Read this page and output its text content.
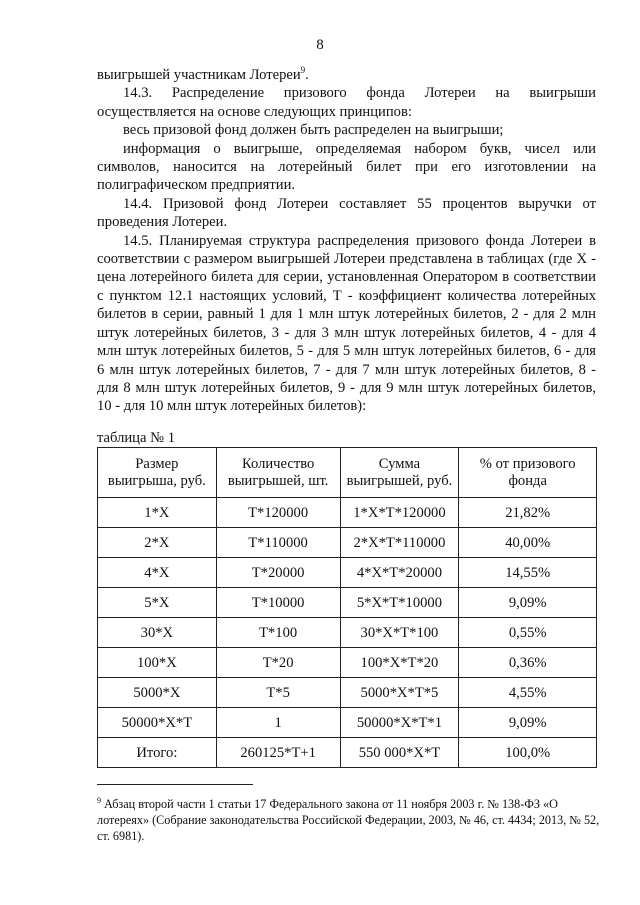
8

выигрышей участникам Лотереи$^9$.

14.3. Распределение призового фонда Лотереи на выигрыши осуществляется на основе следующих принципов:

весь призовой фонд должен быть распределен на выигрыши;

информация о выигрыше, определяемая набором букв, чисел или символов, наносится на лотерейный билет при его изготовлении на полиграфическом предприятии.

14.4. Призовой фонд Лотереи составляет 55 процентов выручки от проведения Лотереи.

14.5. Планируемая структура распределения призового фонда Лотереи в соответствии с размером выигрышей Лотереи представлена в таблицах (где Х - цена лотерейного билета для серии, установленная Оператором в соответствии с пунктом 12.1 настоящих условий, Т - коэффициент количества лотерейных билетов в серии, равный 1 для 1 млн штук лотерейных билетов, 2 - для 2 млн штук лотерейных билетов, 3 - для 3 млн штук лотерейных билетов, 4 - для 4 млн штук лотерейных билетов, 5 - для 5 млн штук лотерейных билетов, 6 - для 6 млн штук лотерейных билетов, 7 - для 7 млн штук лотерейных билетов, 8 - для 8 млн штук лотерейных билетов, 9 - для 9 млн штук лотерейных билетов, 10 - для 10 млн штук лотерейных билетов):

таблица № 1
Размер выигрыша, руб.	Количество выигрышей, шт.	Сумма выигрышей, руб.	% от призового фонда
1*Х	Т*120000	1*Х*Т*120000	21,82%
2*Х	Т*110000	2*Х*Т*110000	40,00%
4*Х	Т*20000	4*Х*Т*20000	14,55%
5*Х	Т*10000	5*Х*Т*10000	9,09%
30*Х	Т*100	30*Х*Т*100	0,55%
100*Х	Т*20	100*Х*Т*20	0,36%
5000*Х	Т*5	5000*Х*Т*5	4,55%
50000*Х*Т	1	50000*Х*Т*1	9,09%
Итого:	260125*Т+1	550 000*Х*Т	100,0%
$^9$ Абзац второй части 1 статьи 17 Федерального закона от 11 ноября 2003 г. № 138-ФЗ «О лотереях» (Собрание законодательства Российской Федерации, 2003, № 46, ст. 4434; 2013, № 52, ст. 6981).
